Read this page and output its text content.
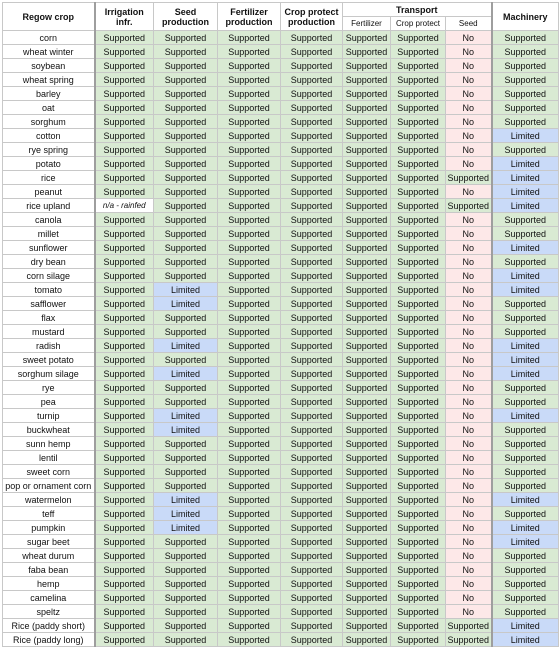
Regow crop	Irrigation infr.	Seed production	Fertilizer production	Crop protect production	Transport			Machinery
					Fertilizer	Crop protect	Seed	
corn	Supported	Supported	Supported	Supported	Supported	Supported	No	Supported
wheat winter	Supported	Supported	Supported	Supported	Supported	Supported	No	Supported
soybean	Supported	Supported	Supported	Supported	Supported	Supported	No	Supported
wheat spring	Supported	Supported	Supported	Supported	Supported	Supported	No	Supported
barley	Supported	Supported	Supported	Supported	Supported	Supported	No	Supported
oat	Supported	Supported	Supported	Supported	Supported	Supported	No	Supported
sorghum	Supported	Supported	Supported	Supported	Supported	Supported	No	Supported
cotton	Supported	Supported	Supported	Supported	Supported	Supported	No	Limited
rye spring	Supported	Supported	Supported	Supported	Supported	Supported	No	Supported
potato	Supported	Supported	Supported	Supported	Supported	Supported	No	Limited
rice	Supported	Supported	Supported	Supported	Supported	Supported	Supported	Limited
peanut	Supported	Supported	Supported	Supported	Supported	Supported	No	Limited
rice upland	n/a - rainfed	Supported	Supported	Supported	Supported	Supported	Supported	Limited
canola	Supported	Supported	Supported	Supported	Supported	Supported	No	Supported
millet	Supported	Supported	Supported	Supported	Supported	Supported	No	Supported
sunflower	Supported	Supported	Supported	Supported	Supported	Supported	No	Limited
dry bean	Supported	Supported	Supported	Supported	Supported	Supported	No	Supported
corn silage	Supported	Supported	Supported	Supported	Supported	Supported	No	Limited
tomato	Supported	Limited	Supported	Supported	Supported	Supported	No	Limited
safflower	Supported	Limited	Supported	Supported	Supported	Supported	No	Supported
flax	Supported	Supported	Supported	Supported	Supported	Supported	No	Supported
mustard	Supported	Supported	Supported	Supported	Supported	Supported	No	Supported
radish	Supported	Limited	Supported	Supported	Supported	Supported	No	Limited
sweet potato	Supported	Supported	Supported	Supported	Supported	Supported	No	Limited
sorghum silage	Supported	Limited	Supported	Supported	Supported	Supported	No	Limited
rye	Supported	Supported	Supported	Supported	Supported	Supported	No	Supported
pea	Supported	Supported	Supported	Supported	Supported	Supported	No	Supported
turnip	Supported	Limited	Supported	Supported	Supported	Supported	No	Limited
buckwheat	Supported	Limited	Supported	Supported	Supported	Supported	No	Supported
sunn hemp	Supported	Supported	Supported	Supported	Supported	Supported	No	Supported
lentil	Supported	Supported	Supported	Supported	Supported	Supported	No	Supported
sweet corn	Supported	Supported	Supported	Supported	Supported	Supported	No	Supported
pop or ornament corn	Supported	Supported	Supported	Supported	Supported	Supported	No	Supported
watermelon	Supported	Limited	Supported	Supported	Supported	Supported	No	Limited
teff	Supported	Limited	Supported	Supported	Supported	Supported	No	Supported
pumpkin	Supported	Limited	Supported	Supported	Supported	Supported	No	Limited
sugar beet	Supported	Supported	Supported	Supported	Supported	Supported	No	Limited
wheat durum	Supported	Supported	Supported	Supported	Supported	Supported	No	Supported
faba bean	Supported	Supported	Supported	Supported	Supported	Supported	No	Supported
hemp	Supported	Supported	Supported	Supported	Supported	Supported	No	Supported
camelina	Supported	Supported	Supported	Supported	Supported	Supported	No	Supported
speltz	Supported	Supported	Supported	Supported	Supported	Supported	No	Supported
Rice (paddy short)	Supported	Supported	Supported	Supported	Supported	Supported	Supported	Limited
Rice (paddy long)	Supported	Supported	Supported	Supported	Supported	Supported	Supported	Limited
